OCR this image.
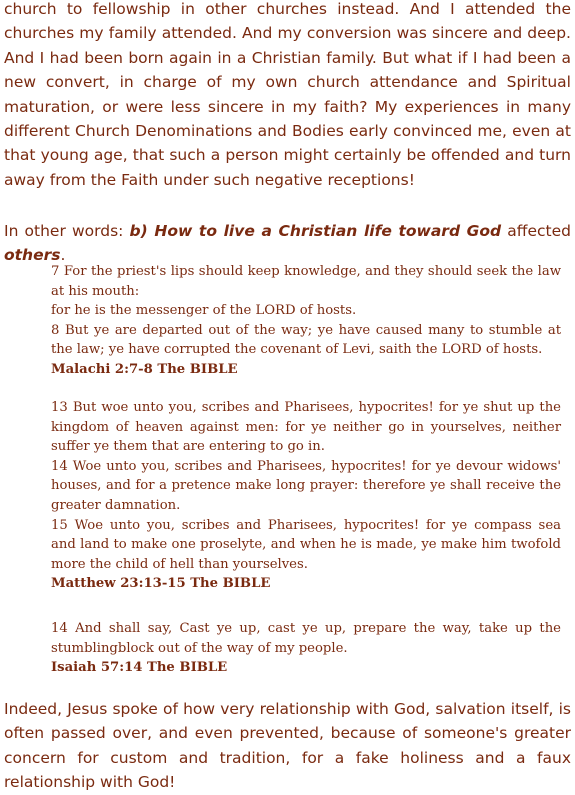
church to fellowship in other churches instead. And I attended the churches my family attended. And my conversion was sincere and deep. And I had been born again in a Christian family. But what if I had been a new convert, in charge of my own church attendance and Spiritual maturation, or were less sincere in my faith? My experiences in many different Church Denominations and Bodies early convinced me, even at that young age, that such a person might certainly be offended and turn away from the Faith under such negative receptions!

In other words: b) How to live a Christian life toward God affected others.

7 For the priest's lips should keep knowledge, and they should seek the law at his mouth:
for he is the messenger of the LORD of hosts.
8 But ye are departed out of the way; ye have caused many to stumble at the law; ye have corrupted the covenant of Levi, saith the LORD of hosts.
Malachi 2:7-8 The BIBLE
13 But woe unto you, scribes and Pharisees, hypocrites! for ye shut up the kingdom of heaven against men: for ye neither go in yourselves, neither suffer ye them that are entering to go in.
14 Woe unto you, scribes and Pharisees, hypocrites! for ye devour widows' houses, and for a pretence make long prayer: therefore ye shall receive the greater damnation.
15 Woe unto you, scribes and Pharisees, hypocrites! for ye compass sea and land to make one proselyte, and when he is made, ye make him twofold more the child of hell than yourselves.
Matthew 23:13-15 The BIBLE
14 And shall say, Cast ye up, cast ye up, prepare the way, take up the stumblingblock out of the way of my people.
Isaiah 57:14 The BIBLE

Indeed, Jesus spoke of how very relationship with God, salvation itself, is often passed over, and even prevented, because of someone's greater concern for custom and tradition, for a fake holiness and a faux relationship with God!
